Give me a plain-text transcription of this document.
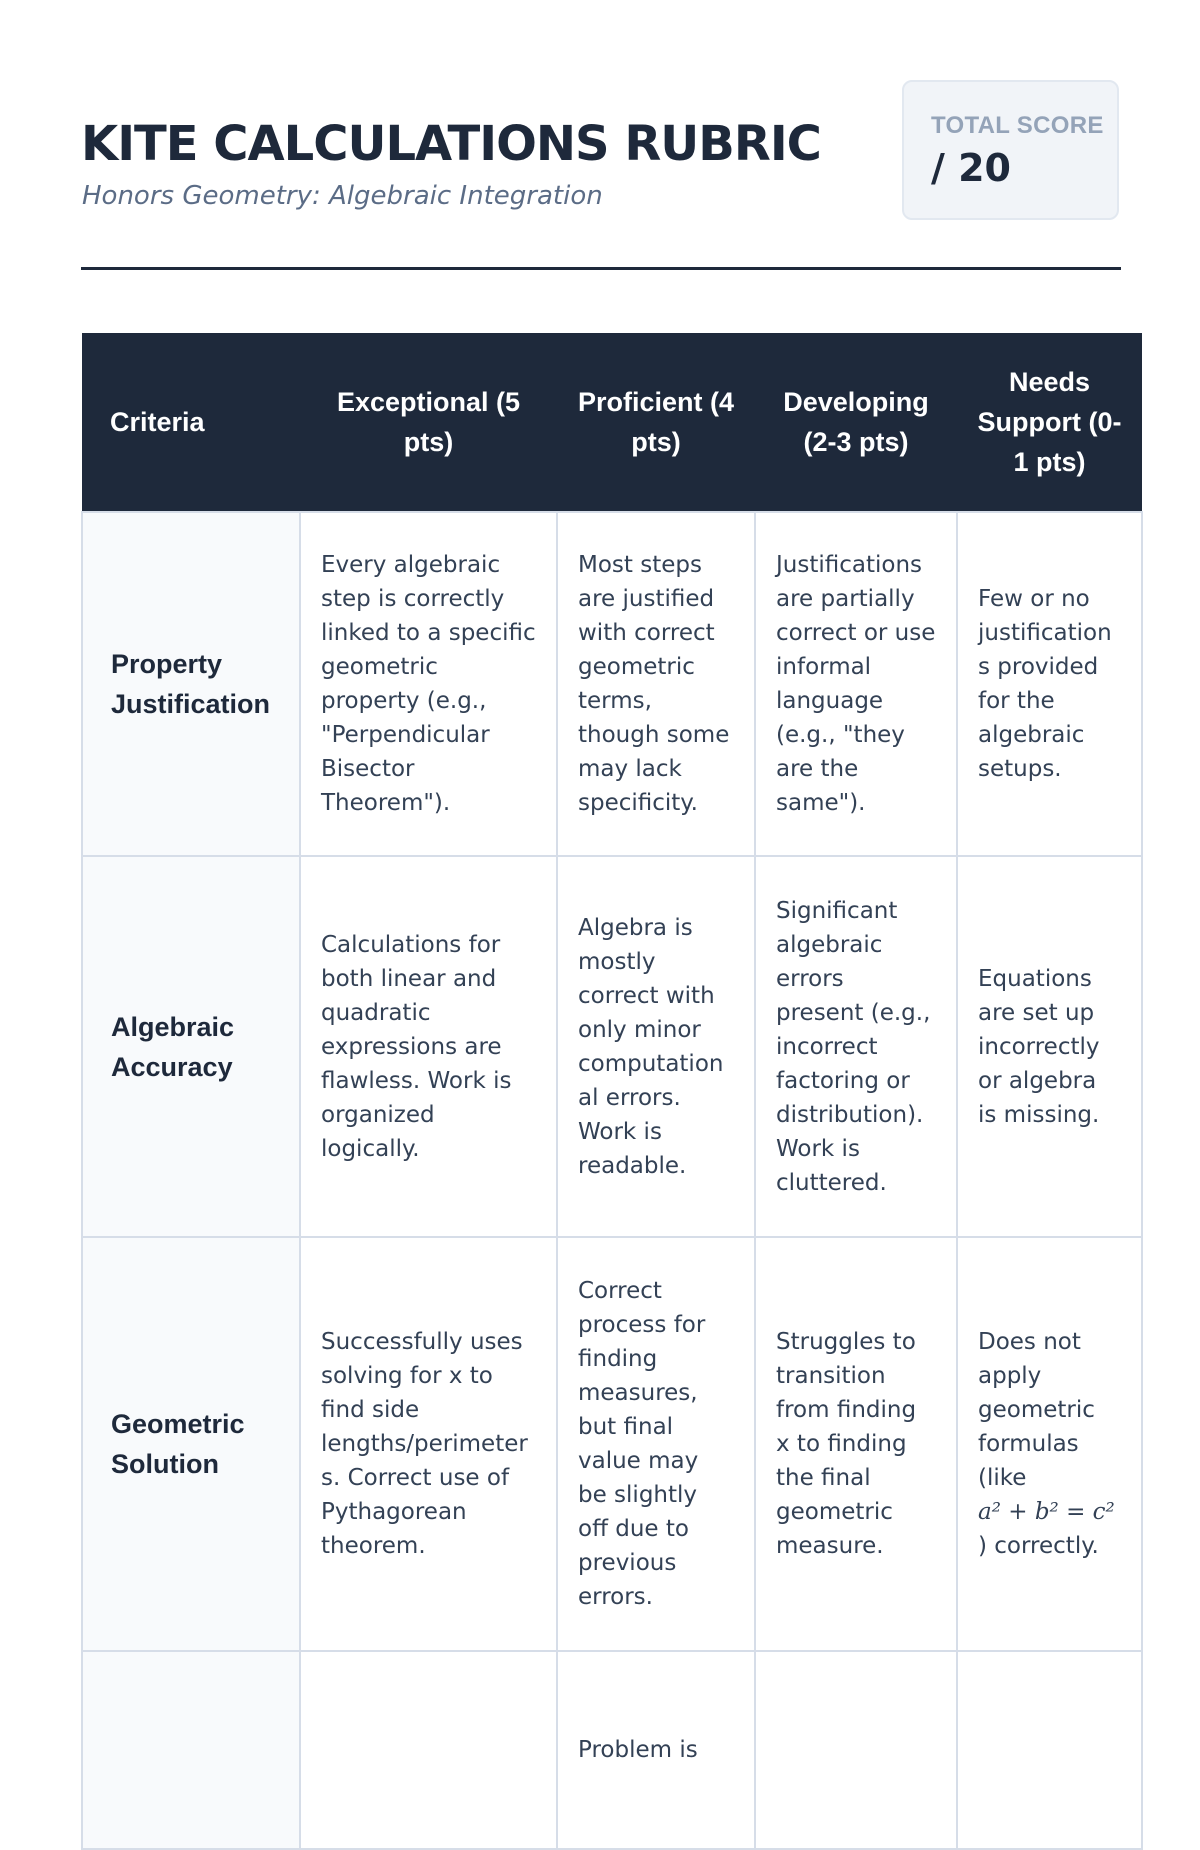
KITE CALCULATIONS RUBRIC
Honors Geometry: Algebraic Integration
TOTAL SCORE
/ 20
Criteria	Exceptional (5 pts)	Proficient (4 pts)	Developing (2-3 pts)	Needs Support (0-1 pts)
Property Justification	Every algebraic step is correctly linked to a specific geometric property (e.g., "Perpendicular Bisector Theorem").	Most steps are justified with correct geometric terms, though some may lack specificity.	Justifications are partially correct or use informal language (e.g., "they are the same").	Few or no justifications provided for the algebraic setups.
Algebraic Accuracy	Calculations for both linear and quadratic expressions are flawless. Work is organized logically.	Algebra is mostly correct with only minor computational errors. Work is readable.	Significant algebraic errors present (e.g., incorrect factoring or distribution). Work is cluttered.	Equations are set up incorrectly or algebra is missing.
Geometric Solution	Successfully uses solving for x to find side lengths/perimeters. Correct use of Pythagorean theorem.	Correct process for finding measures, but final value may be slightly off due to previous errors.	Struggles to transition from finding x to finding the final geometric measure.	Does not apply geometric formulas (like a² + b² = c² ) correctly.
		Problem is		
